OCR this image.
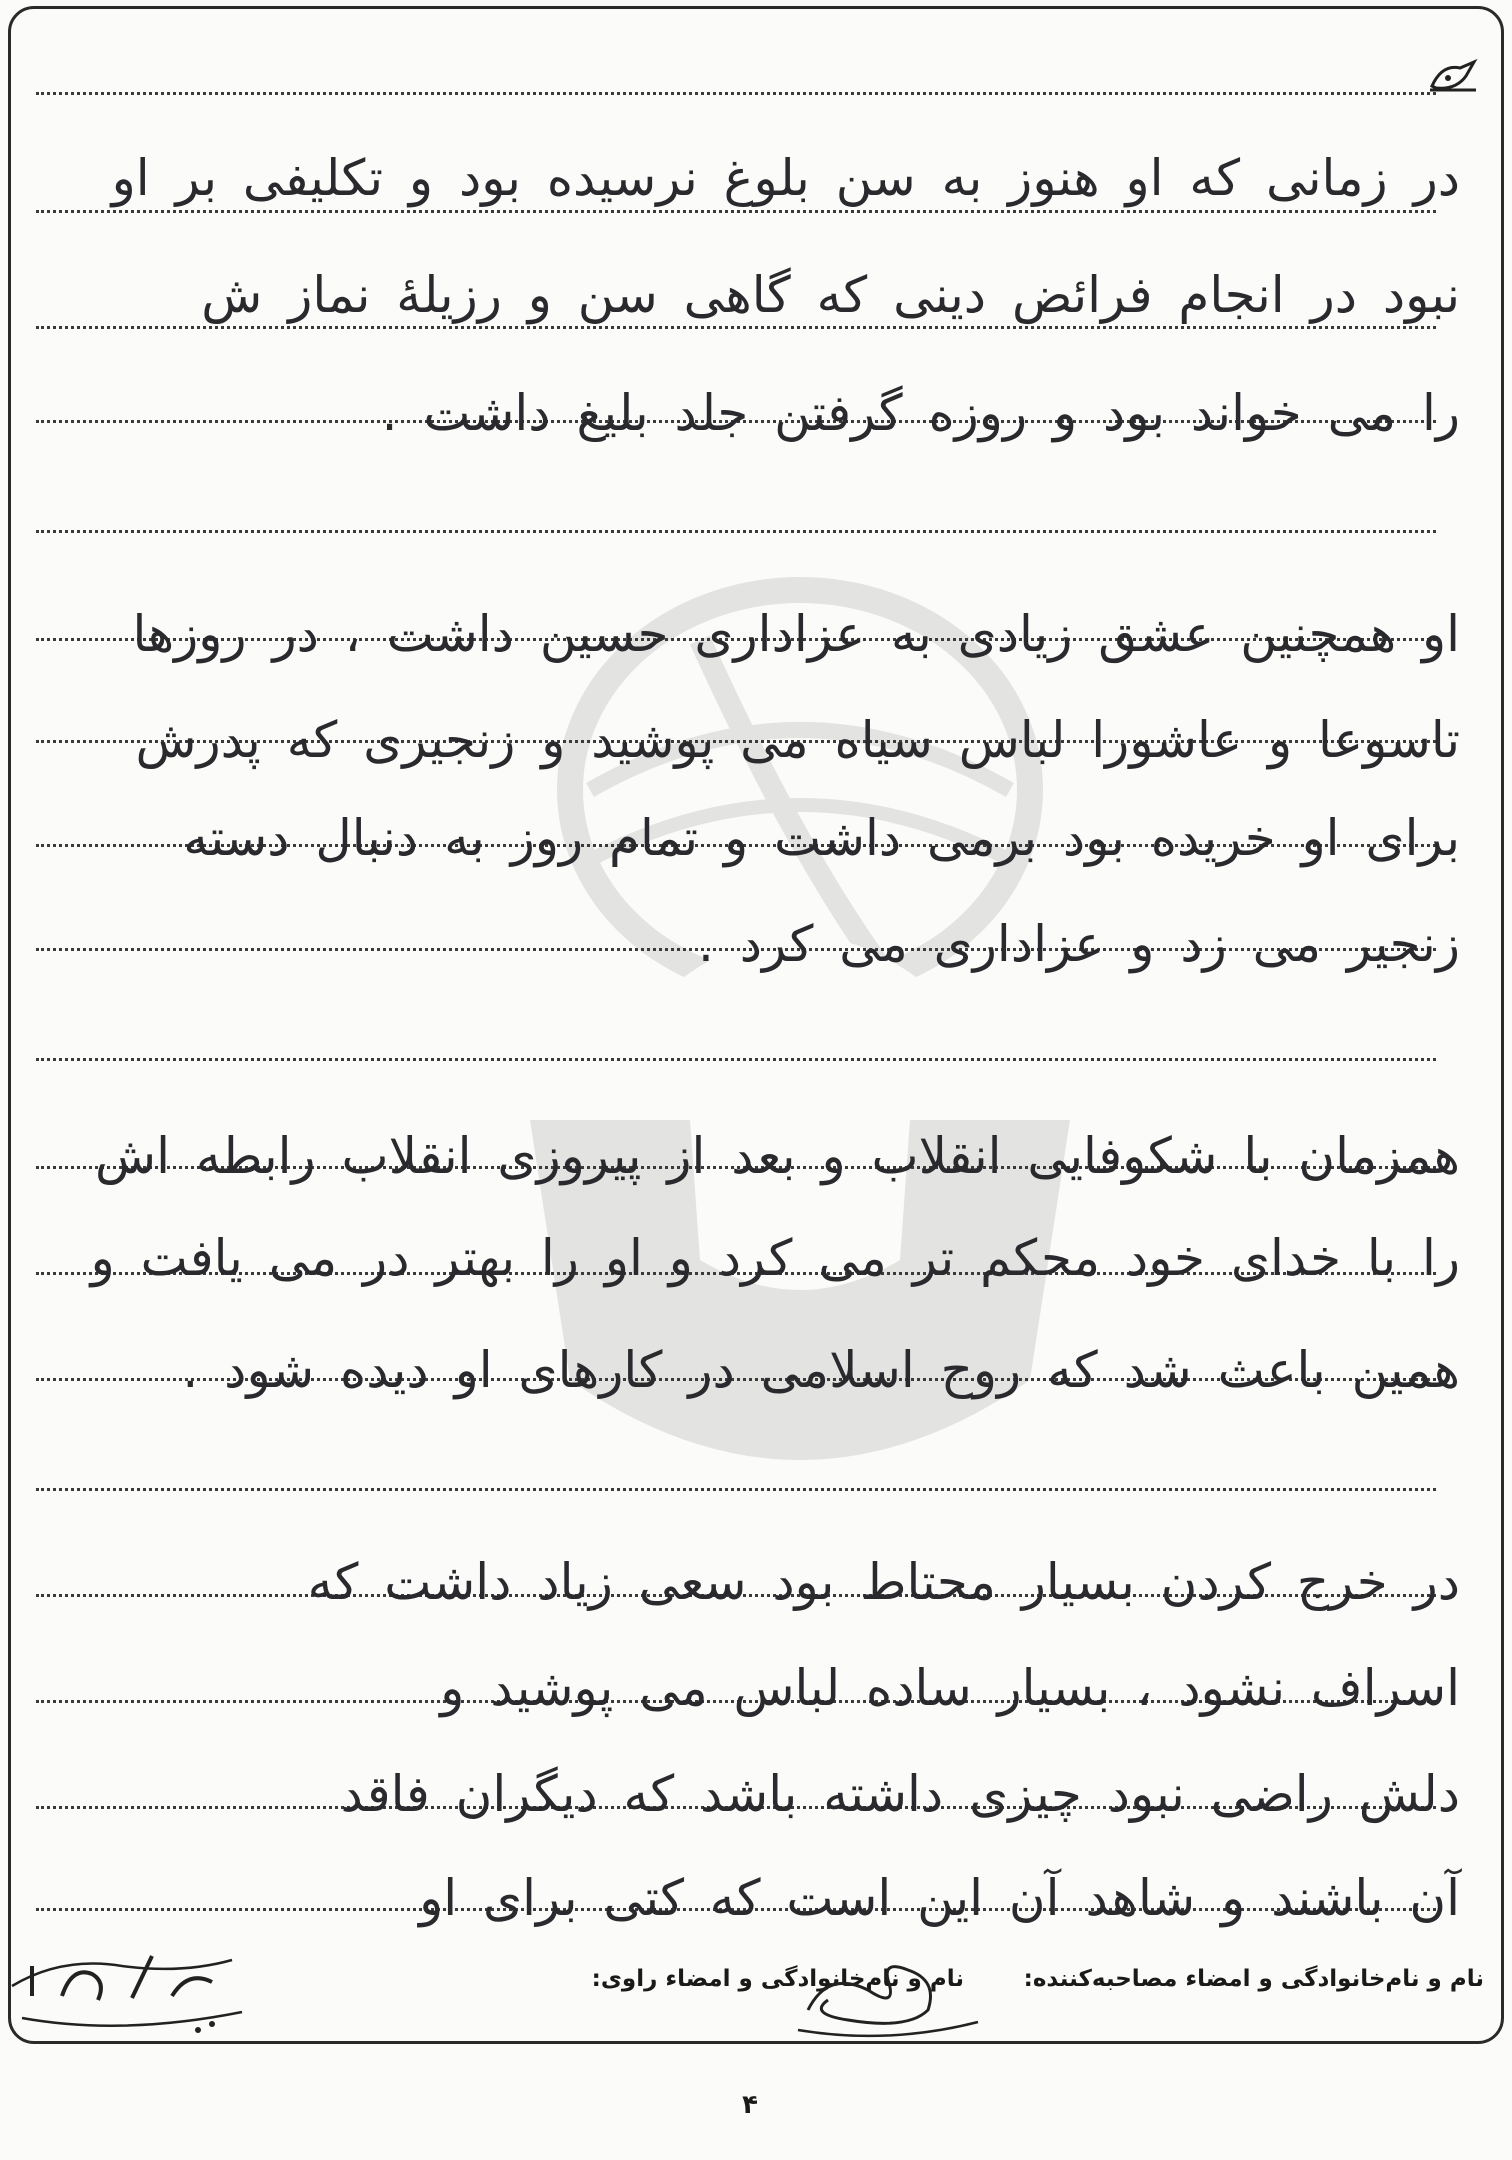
در زمانی که او هنوز به سن بلوغ نرسیده بود و تکلیفی بر او
نبود در انجام فرائض دینی که گاهی سن و رزیلهٔ نماز ش
را می خواند بود و روزه گرفتن جلد بلیغ داشت .
او همچنین عشق زیادی به عزاداری حسین داشت ، در روزها
تاسوعا و عاشورا لباس سیاه می پوشید و زنجیری که پدرش
برای او خریده بود برمی داشت و تمام روز به دنبال دسته
زنجیر می زد و عزاداری می کرد .
همزمان با شکوفایی انقلاب و بعد از پیروزی انقلاب رابطه اش
را با خدای خود محکم تر می کرد و او را بهتر در می یافت و
همین باعث شد که روح اسلامی در کارهای او دیده شود .
در خرج کردن بسیار محتاط بود سعی زیاد داشت که
اسراف نشود ، بسیار ساده لباس می پوشید و
دلش راضی نبود چیزی داشته باشد که دیگران فاقد
آن باشند و شاهد آن این است که کتی برای او
نام و نام‌خانوادگی و امضاء مصاحبه‌کننده:
نام و نام‌خانوادگی و امضاء راوی:
۴
